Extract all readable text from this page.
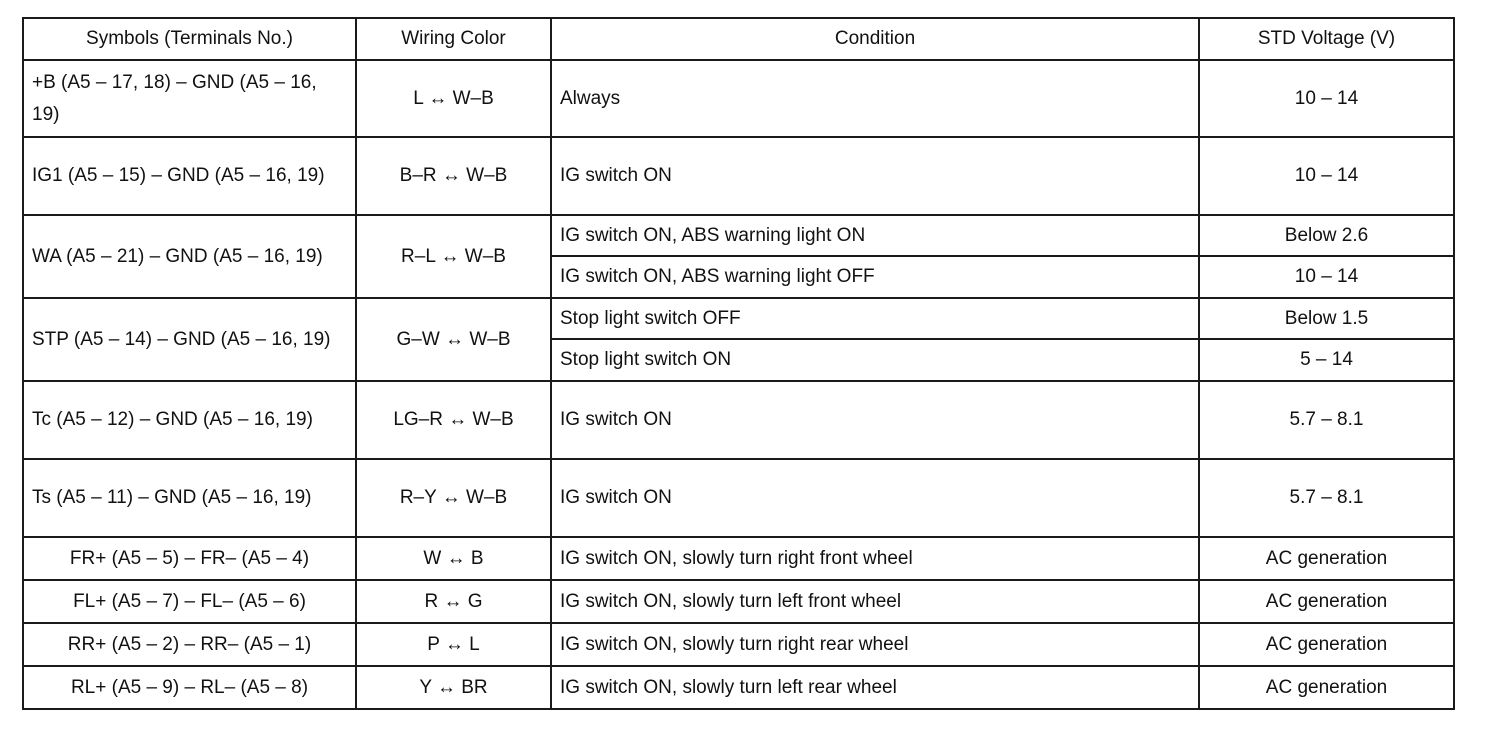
Symbols (Terminals No.)	Wiring Color	Condition	STD Voltage (V)
+B (A5 – 17, 18) – GND (A5 – 16, 19)	L ↔ W–B	Always	10 – 14
IG1 (A5 – 15) – GND (A5 – 16, 19)	B–R ↔ W–B	IG switch ON	10 – 14
WA (A5 – 21) – GND (A5 – 16, 19)	R–L ↔ W–B	IG switch ON, ABS warning light ON	Below 2.6
		IG switch ON, ABS warning light OFF	10 – 14
STP (A5 – 14) – GND (A5 – 16, 19)	G–W ↔ W–B	Stop light switch OFF	Below 1.5
		Stop light switch ON	5 – 14
Tc (A5 – 12) – GND (A5 – 16, 19)	LG–R ↔ W–B	IG switch ON	5.7 – 8.1
Ts (A5 – 11) – GND (A5 – 16, 19)	R–Y ↔ W–B	IG switch ON	5.7 – 8.1
FR+ (A5 – 5) – FR– (A5 – 4)	W ↔ B	IG switch ON, slowly turn right front wheel	AC generation
FL+ (A5 – 7) – FL– (A5 – 6)	R ↔ G	IG switch ON, slowly turn left front wheel	AC generation
RR+ (A5 – 2) – RR– (A5 – 1)	P ↔ L	IG switch ON, slowly turn right rear wheel	AC generation
RL+ (A5 – 9) – RL– (A5 – 8)	Y ↔ BR	IG switch ON, slowly turn left rear wheel	AC generation
